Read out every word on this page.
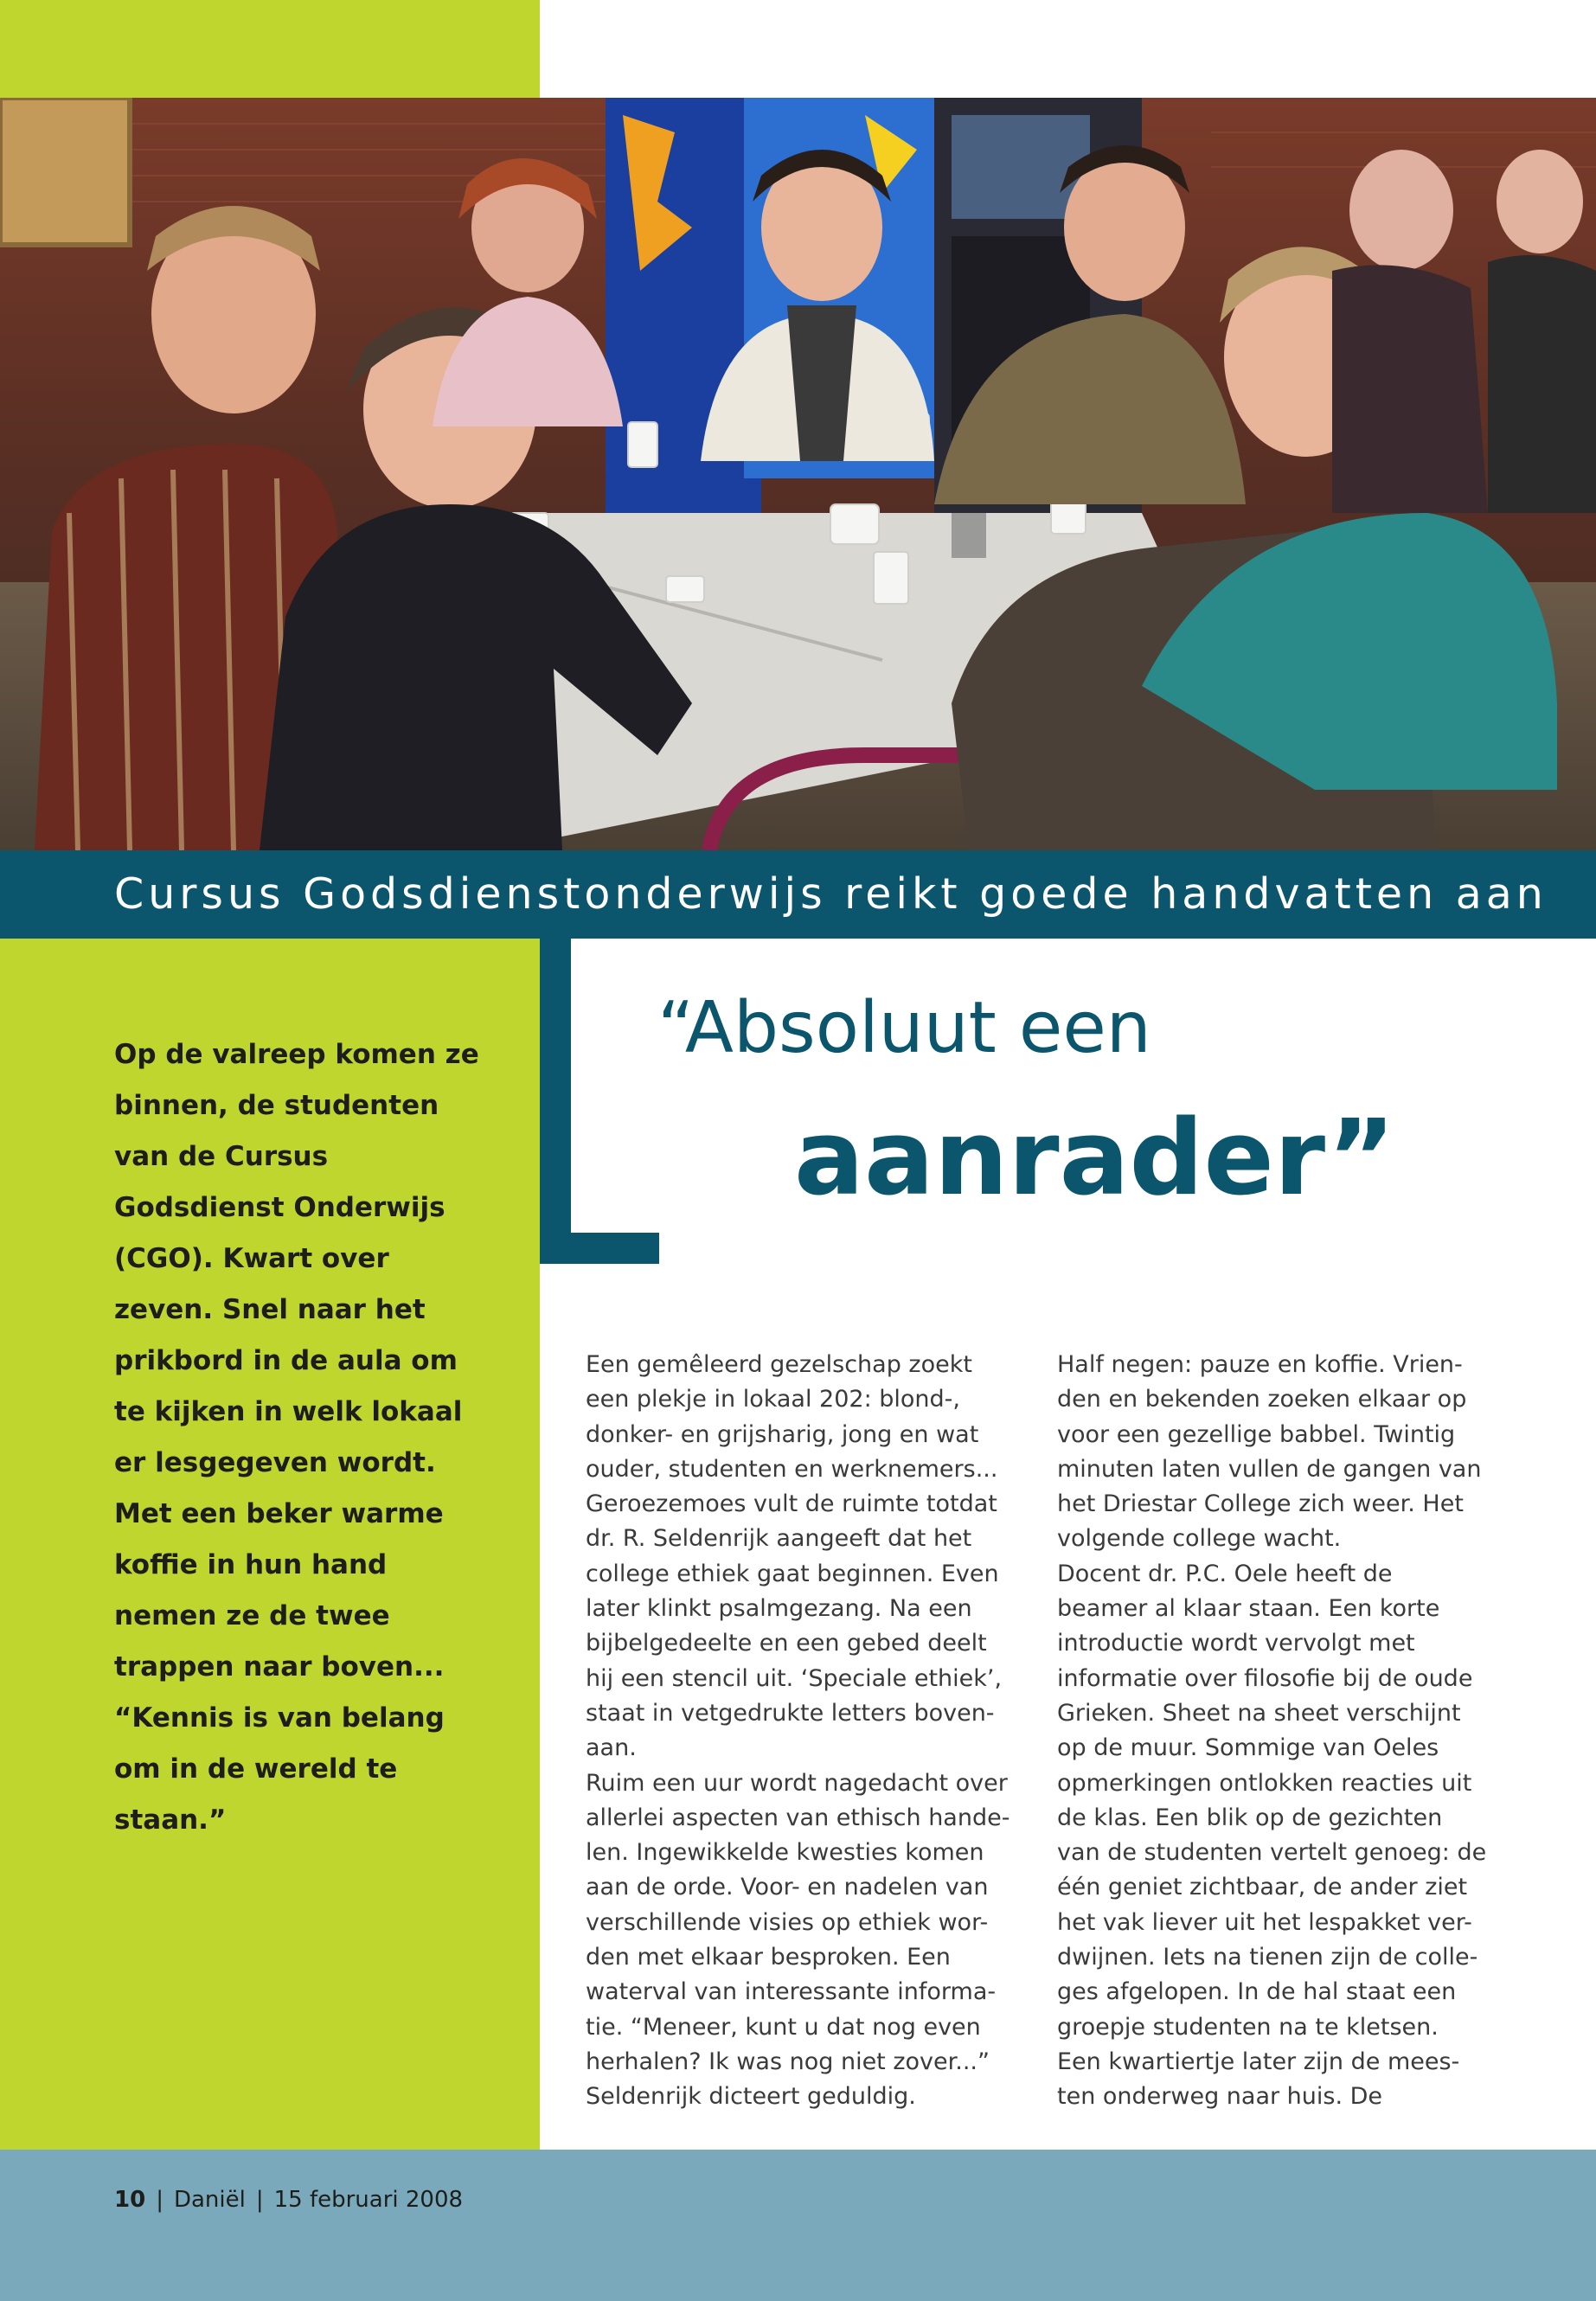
Cursus Godsdienstonderwijs reikt goede handvatten aan

Op de valreep komen ze binnen, de studenten van de Cursus Godsdienst Onderwijs (CGO). Kwart over zeven. Snel naar het prikbord in de aula om te kijken in welk lokaal er lesgegeven wordt. Met een beker warme koffie in hun hand nemen ze de twee trappen naar boven... “Kennis is van belang om in de wereld te staan.”

“Absoluut een
aanrader”

Een gemêleerd gezelschap zoekt
een plekje in lokaal 202: blond-,
donker- en grijsharig, jong en wat
ouder, studenten en werknemers...
Geroezemoes vult de ruimte totdat
dr. R. Seldenrijk aangeeft dat het
college ethiek gaat beginnen. Even
later klinkt psalmgezang. Na een
bijbelgedeelte en een gebed deelt
hij een stencil uit. ‘Speciale ethiek’,
staat in vetgedrukte letters boven-
aan.
Ruim een uur wordt nagedacht over
allerlei aspecten van ethisch hande-
len. Ingewikkelde kwesties komen
aan de orde. Voor- en nadelen van
verschillende visies op ethiek wor-
den met elkaar besproken. Een
waterval van interessante informa-
tie. “Meneer, kunt u dat nog even
herhalen? Ik was nog niet zover...”
Seldenrijk dicteert geduldig.

Half negen: pauze en koffie. Vrien-
den en bekenden zoeken elkaar op
voor een gezellige babbel. Twintig
minuten laten vullen de gangen van
het Driestar College zich weer. Het
volgende college wacht.
Docent dr. P.C. Oele heeft de
beamer al klaar staan. Een korte
introductie wordt vervolgt met
informatie over filosofie bij de oude
Grieken. Sheet na sheet verschijnt
op de muur. Sommige van Oeles
opmerkingen ontlokken reacties uit
de klas. Een blik op de gezichten
van de studenten vertelt genoeg: de
één geniet zichtbaar, de ander ziet
het vak liever uit het lespakket ver-
dwijnen. Iets na tienen zijn de colle-
ges afgelopen. In de hal staat een
groepje studenten na te kletsen.
Een kwartiertje later zijn de mees-
ten onderweg naar huis. De

10 | Daniël | 15 februari 2008
